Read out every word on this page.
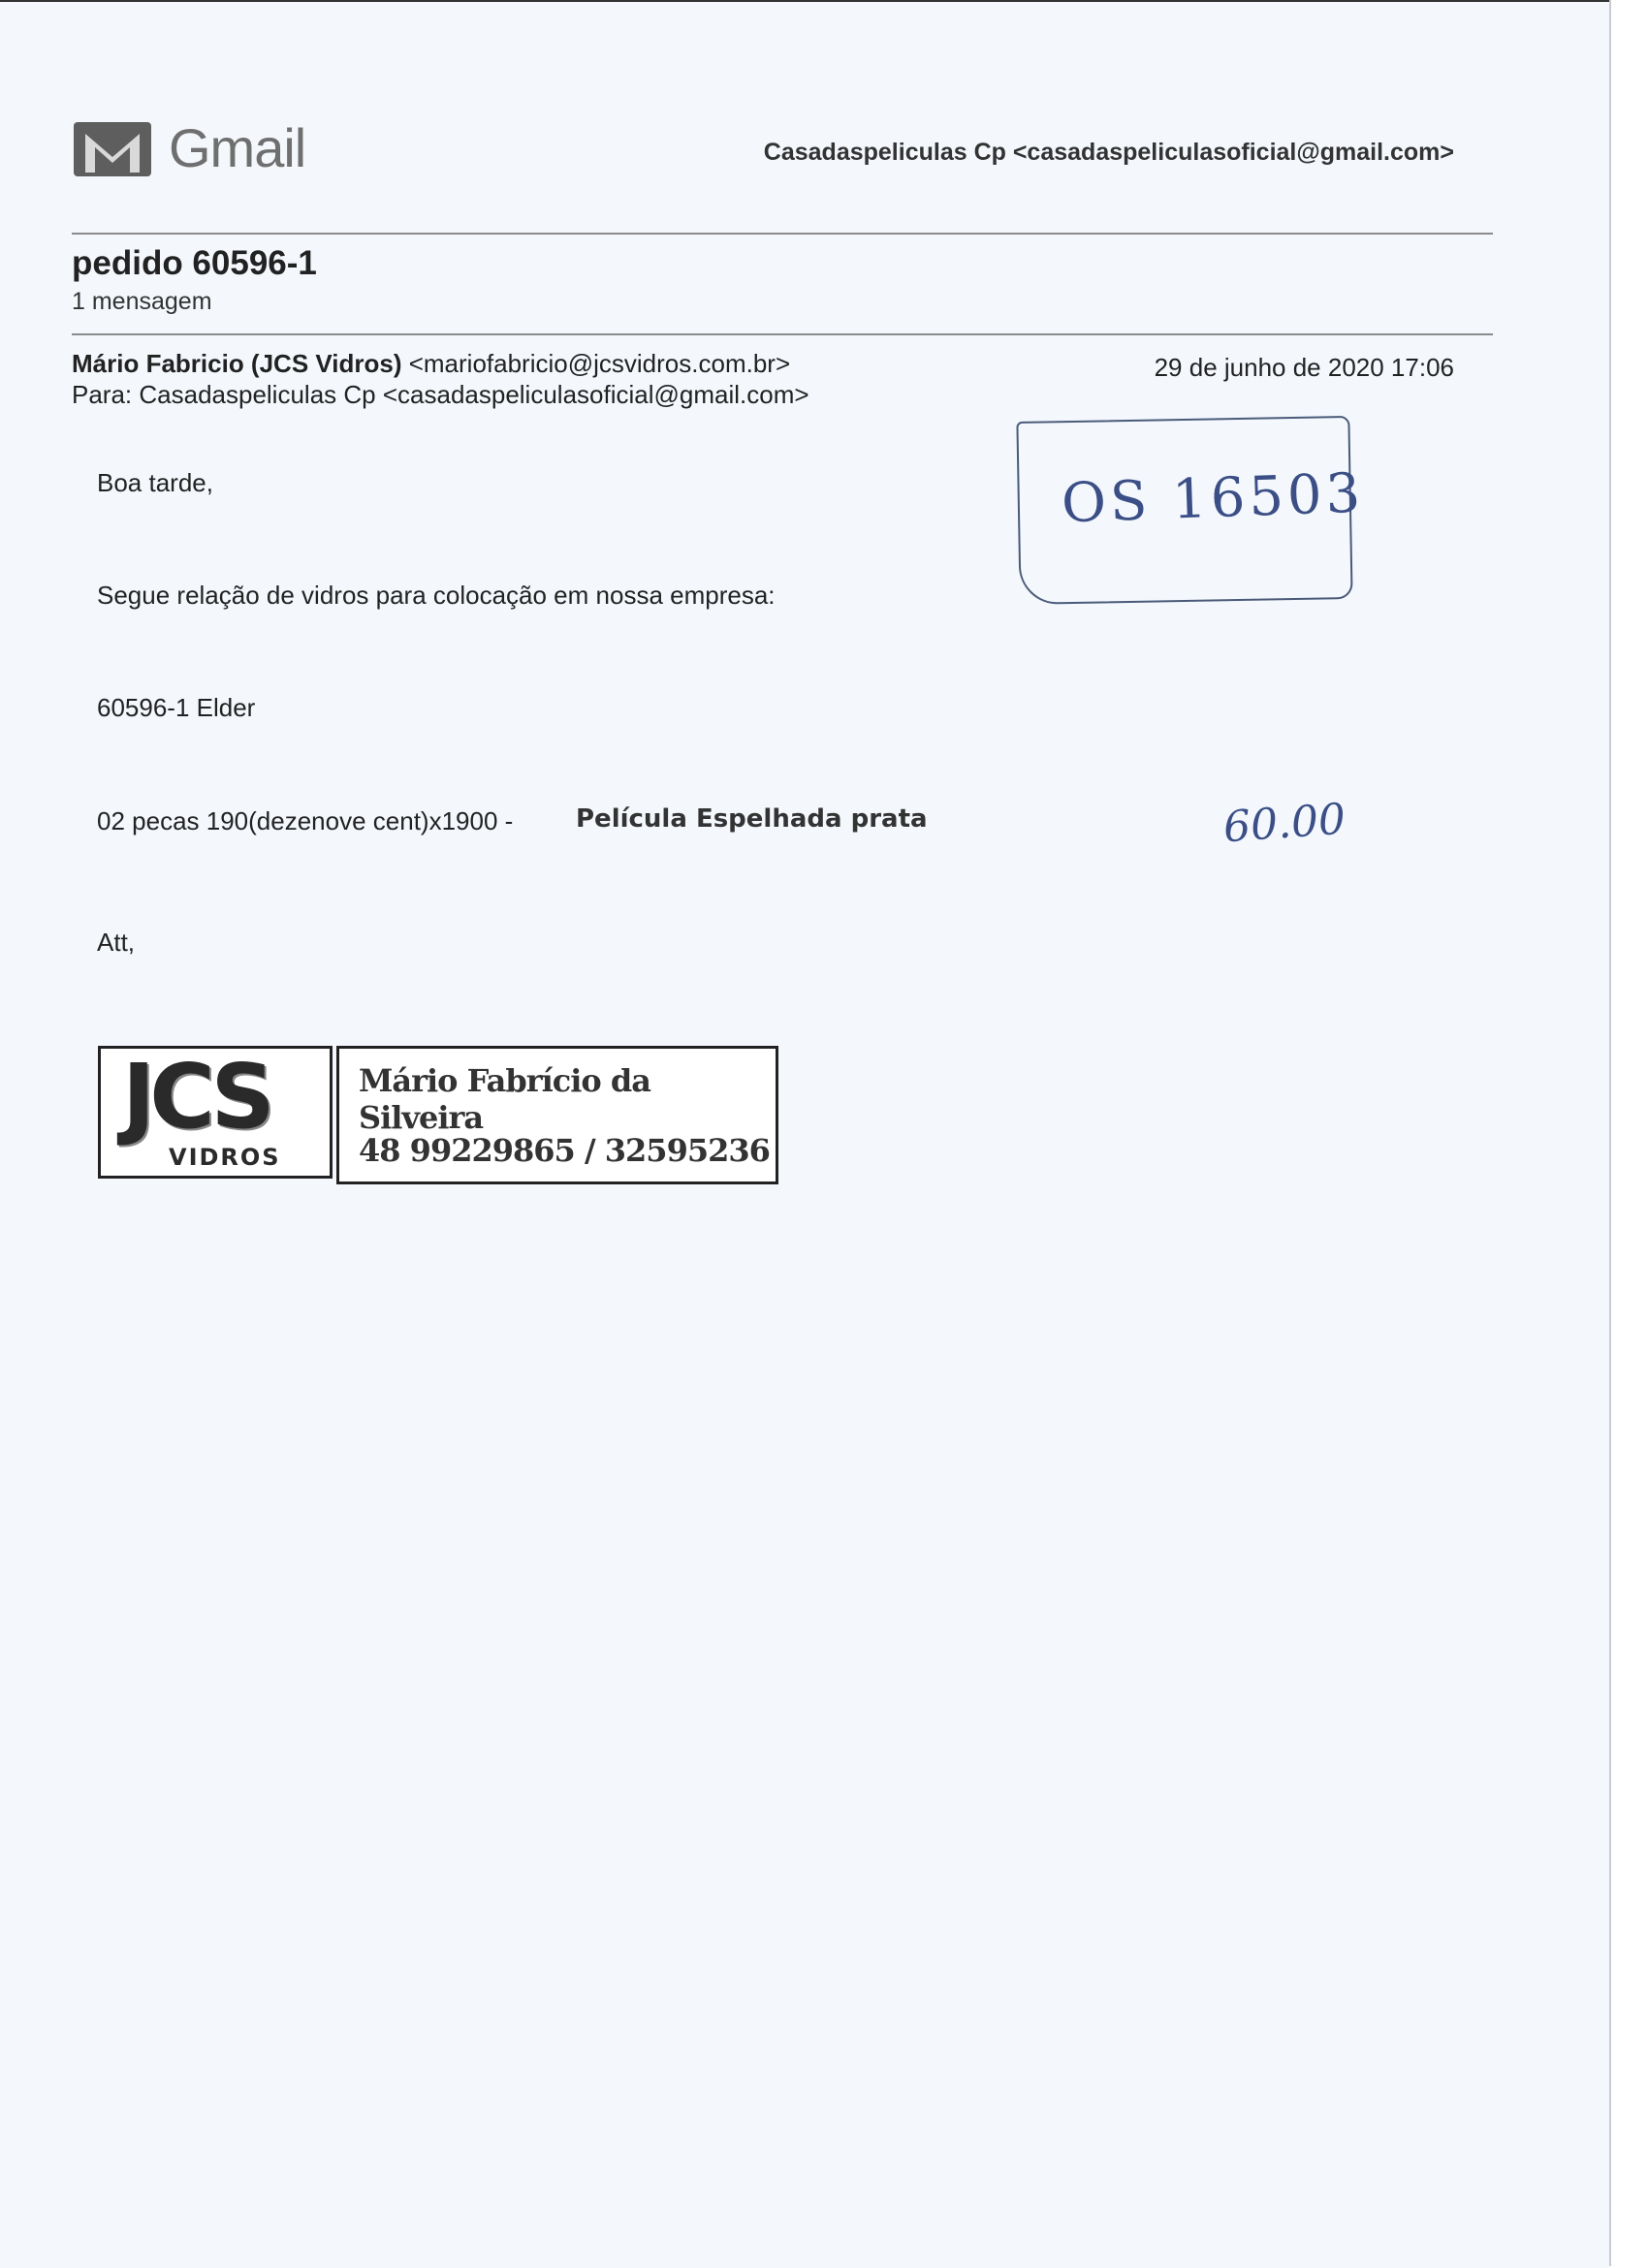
Gmail	Casadaspeliculas Cp <casadaspeliculasoficial@gmail.com>
pedido 60596-1
1 mensagem
Mário Fabricio (JCS Vidros) <mariofabricio@jcsvidros.com.br>
Para: Casadaspeliculas Cp <casadaspeliculasoficial@gmail.com>
29 de junho de 2020 17:06
Boa tarde,
Segue relação de vidros para colocação em nossa empresa:
60596-1 Elder
02 pecas 190(dezenove cent)x1900 - Película Espelhada prata
Att,
OS 16503
60.00
JCS
VIDROS
Mário Fabrício da Silveira
48 99229865 / 32595236
